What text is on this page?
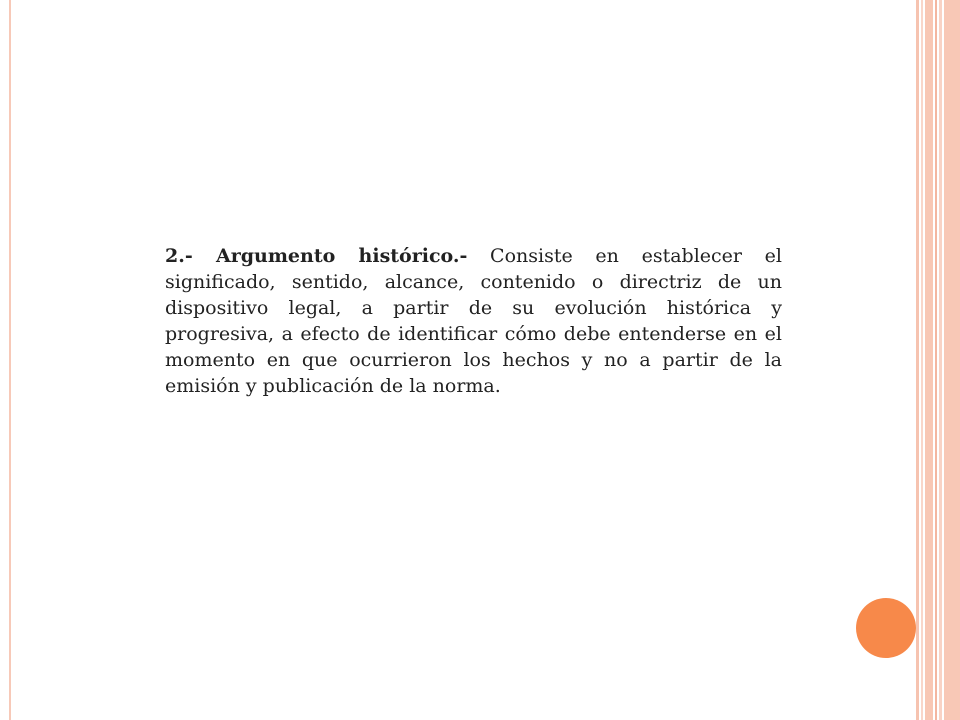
2.- Argumento histórico.- Consiste en establecer el significado, sentido, alcance, contenido o directriz de un dispositivo legal, a partir de su evolución histórica y progresiva, a efecto de identificar cómo debe entenderse en el momento en que ocurrieron los hechos y no a partir de la emisión y publicación de la norma.
